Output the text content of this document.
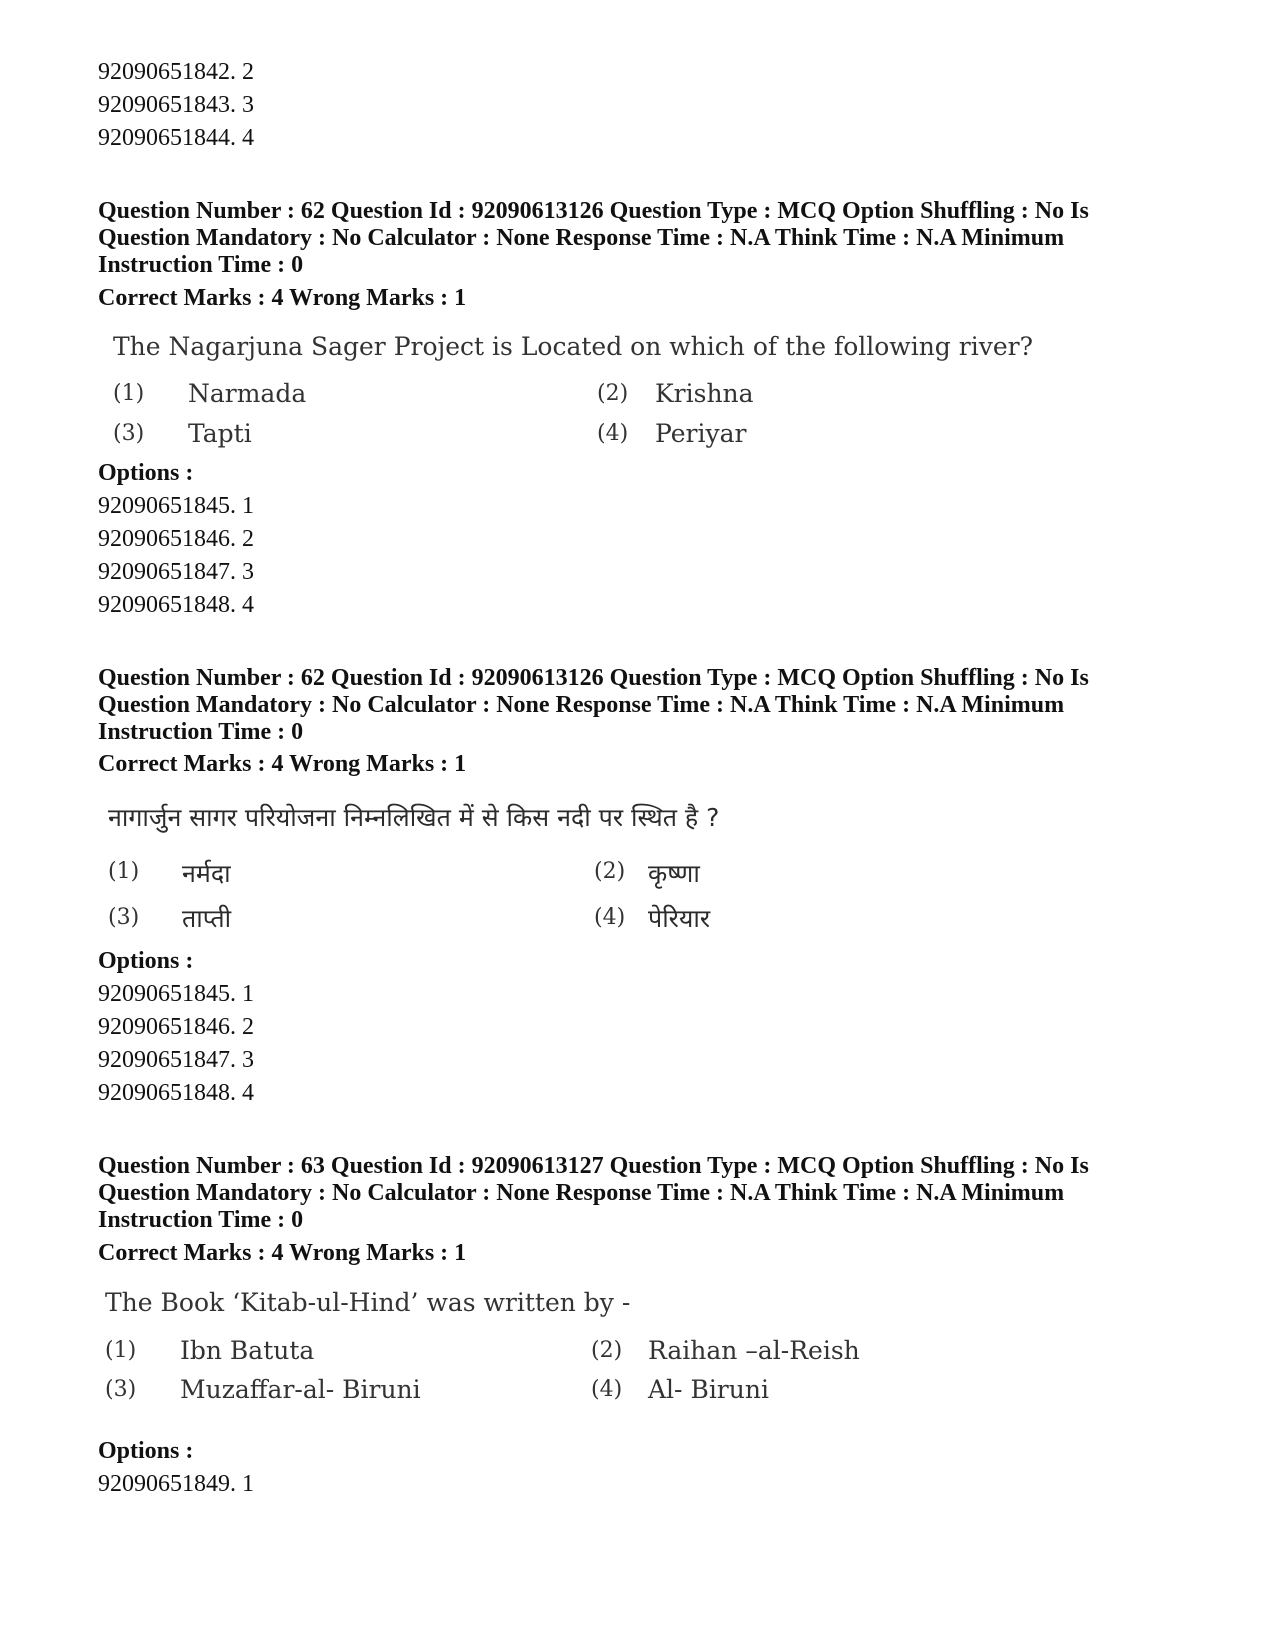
92090651842. 2
92090651843. 3
92090651844. 4
Question Number : 62 Question Id : 92090613126 Question Type : MCQ Option Shuffling : No Is
Question Mandatory : No Calculator : None Response Time : N.A Think Time : N.A Minimum
Instruction Time : 0
Correct Marks : 4 Wrong Marks : 1
The Nagarjuna Sager Project is Located on which of the following river?
(1) Narmada	(2) Krishna
(3) Tapti	(4) Periyar
Options :
92090651845. 1
92090651846. 2
92090651847. 3
92090651848. 4
Question Number : 62 Question Id : 92090613126 Question Type : MCQ Option Shuffling : No Is
Question Mandatory : No Calculator : None Response Time : N.A Think Time : N.A Minimum
Instruction Time : 0
Correct Marks : 4 Wrong Marks : 1
नागार्जुन सागर परियोजना निम्नलिखित में से किस नदी पर स्थित है ?
(1) नर्मदा	(2) कृष्णा
(3) ताप्ती	(4) पेरियार
Options :
92090651845. 1
92090651846. 2
92090651847. 3
92090651848. 4
Question Number : 63 Question Id : 92090613127 Question Type : MCQ Option Shuffling : No Is
Question Mandatory : No Calculator : None Response Time : N.A Think Time : N.A Minimum
Instruction Time : 0
Correct Marks : 4 Wrong Marks : 1
The Book ‘Kitab-ul-Hind’ was written by -
(1) Ibn Batuta	(2) Raihan –al-Reish
(3) Muzaffar-al- Biruni	(4) Al- Biruni
Options :
92090651849. 1
